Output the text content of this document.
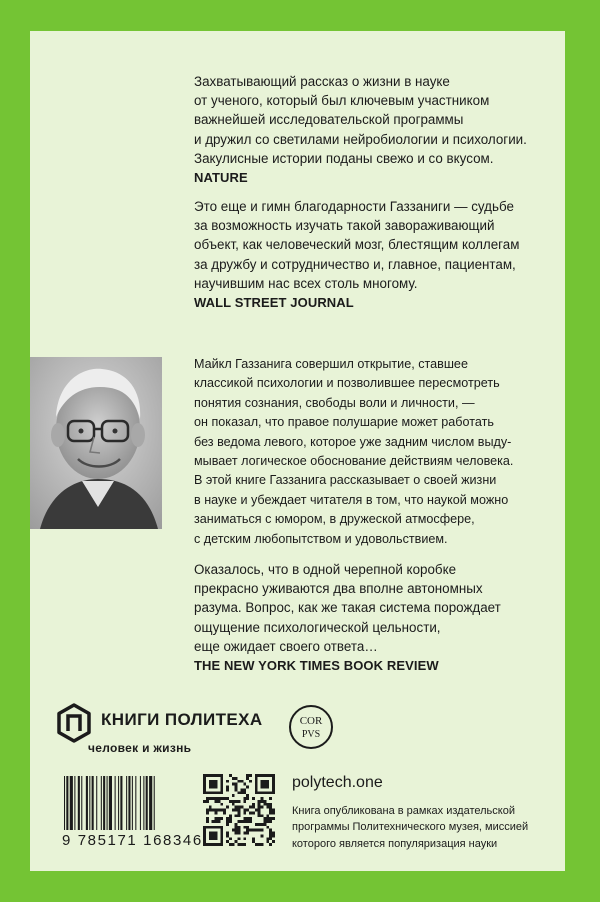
Захватывающий рассказ о жизни в науке

от ученого, который был ключевым участником

важнейшей исследовательской программы

и дружил со светилами нейробиологии и психологии.

Закулисные истории поданы свежо и со вкусом.

NATURE

Это еще и гимн благодарности Газзаниги — судьбе

за возможность изучать такой завораживающий

объект, как человеческий мозг, блестящим коллегам

за дружбу и сотрудничество и, главное, пациентам,

научившим нас всех столь многому.

WALL STREET JOURNAL

Майкл Газзанига совершил открытие, ставшее

классикой психологии и позволившее пересмотреть

понятия сознания, свободы воли и личности, —

он показал, что правое полушарие может работать

без ведома левого, которое уже задним числом выду-

мывает логическое обоснование действиям человека.

В этой книге Газзанига рассказывает о своей жизни

в науке и убеждает читателя в том, что наукой можно

заниматься с юмором, в дружеской атмосфере,

с детским любопытством и удовольствием.

Оказалось, что в одной черепной коробке

прекрасно уживаются два вполне автономных

разума. Вопрос, как же такая система порождает

ощущение психологической цельности,

еще ожидает своего ответа…

THE NEW YORK TIMES BOOK REVIEW

КНИГИ ПОЛИТЕХА
человек и жизнь
COR
PVS
9 785171 168346
polytech.one
Книга опубликована в рамках издательской
программы Политехнического музея, миссией
которого является популяризация науки
